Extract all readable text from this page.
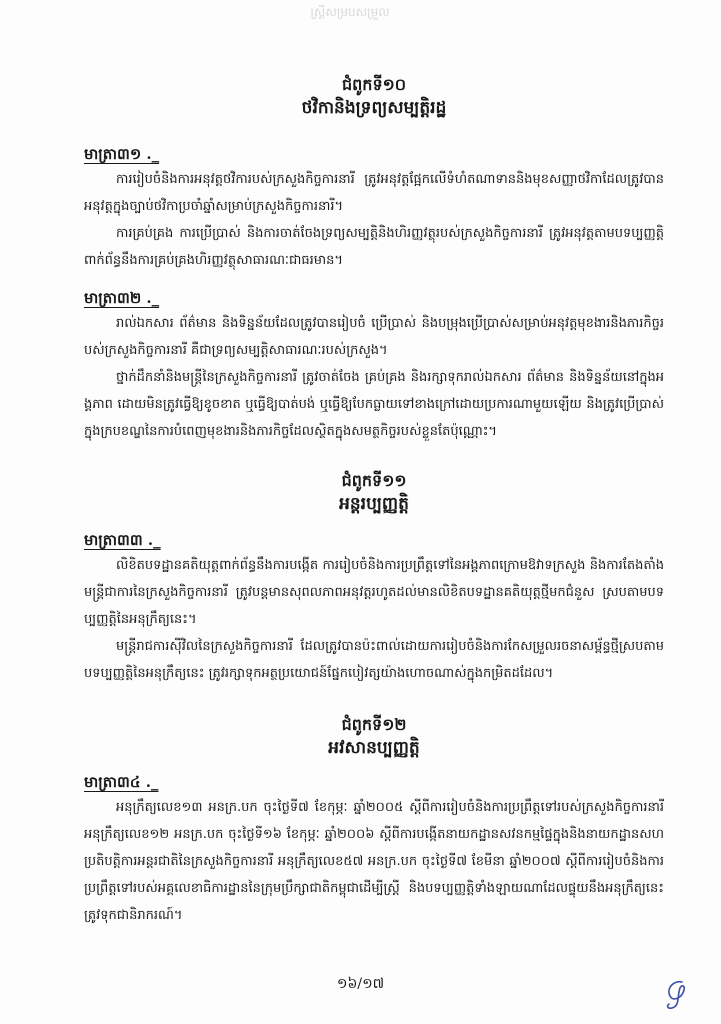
ស្រ្តីសម្របសម្រួល

ជំពូកទី១០

ថវិកានិងទ្រព្យសម្បត្តិរដ្ឋ

មាត្រា៣១ ._

ការរៀបចំនិងការអនុវត្តថវិការបស់ក្រសួងកិច្ចការនារី ត្រូវអនុវត្តផ្អែកលើទំហំតណាទាននិងមុខសញ្ញាថវិកាដែលត្រូវបានអនុវត្តក្នុងច្បាប់ថវិកាប្រចាំឆ្នាំសម្រាប់ក្រសួងកិច្ចការនារី។

ការគ្រប់គ្រង ការប្រើប្រាស់ និងការចាត់ចែងទ្រព្យសម្បត្តិនិងហិរញ្ញវត្ថុរបស់ក្រសួងកិច្ចការនារី ត្រូវអនុវត្តតាមបទប្បញ្ញត្តិពាក់ព័ន្ធនឹងការគ្រប់គ្រងហិរញ្ញវត្ថុសាធារណៈជាធរមាន។

មាត្រា៣២ ._

រាល់ឯកសារ ព័ត៌មាន និងទិន្នន័យដែលត្រូវបានរៀបចំ ប្រើប្រាស់ និងបម្រុងប្រើប្រាស់សម្រាប់អនុវត្តមុខងារនិងភារកិច្ចរបស់ក្រសួងកិច្ចការនារី គឺជាទ្រព្យសម្បត្តិសាធារណៈរបស់ក្រសួង។

ថ្នាក់ដឹកនាំនិងមន្ត្រីនៃក្រសួងកិច្ចការនារី ត្រូវចាត់ចែង គ្រប់គ្រង និងរក្សាទុករាល់ឯកសារ ព័ត៌មាន និងទិន្នន័យនៅក្នុងអង្គភាព ដោយមិនត្រូវធ្វើឱ្យខូចខាត ឬធ្វើឱ្យបាត់បង់ ឬធ្វើឱ្យបែកធ្លាយទៅខាងក្រៅដោយប្រការណាមួយឡើយ និងត្រូវប្រើប្រាស់ក្នុងក្របខណ្ឌនៃការបំពេញមុខងារនិងភារកិច្ចដែលស្ថិតក្នុងសមត្ថកិច្ចរបស់ខ្លួនតែប៉ុណ្ណោះ។

ជំពូកទី១១

អន្តរប្បញ្ញត្តិ

មាត្រា៣៣ ._

លិខិតបទដ្ឋានគតិយុត្តពាក់ព័ន្ធនឹងការបង្កើត ការរៀបចំនិងការប្រព្រឹត្តទៅនៃអង្គភាពក្រោមឱវាទក្រសួង និងការតែងតាំងមន្ត្រីជាការនៃក្រសួងកិច្ចការនារី ត្រូវបន្តមានសុពលភាពអនុវត្តរហូតដល់មានលិខិតបទដ្ឋានគតិយុត្តថ្មីមកជំនួស ស្របតាមបទប្បញ្ញត្តិនៃអនុក្រឹត្យនេះ។

មន្ត្រីរាជការស៊ីវិលនៃក្រសួងកិច្ចការនារី ដែលត្រូវបានប៉ះពាល់ដោយការរៀបចំនិងការកែសម្រួលរចនាសម្ព័ន្ធថ្មីស្របតាមបទប្បញ្ញត្តិនៃអនុក្រឹត្យនេះ ត្រូវរក្សាទុកអត្ថប្រយោជន៍ផ្នែកបៀវត្សយ៉ាងហោចណាស់ក្នុងកម្រិតដដែល។

ជំពូកទី១២

អវសានប្បញ្ញត្តិ

មាត្រា៣៤ ._

អនុក្រឹត្យលេខ១៣ អនក្រ.បក ចុះថ្ងៃទី៧ ខែកុម្ភៈ ឆ្នាំ២០០៥ ស្តីពីការរៀបចំនិងការប្រព្រឹត្តទៅរបស់ក្រសួងកិច្ចការនារី អនុក្រឹត្យលេខ១២ អនក្រ.បក ចុះថ្ងៃទី១៦ ខែកុម្ភៈ ឆ្នាំ២០០៦ ស្តីពីការបង្កើតនាយកដ្ឋានសវនកម្មផ្ទៃក្នុងនិងនាយកដ្ឋានសហប្រតិបត្តិការអន្តរជាតិនៃក្រសួងកិច្ចការនារី អនុក្រឹត្យលេខ៥៧ អនក្រ.បក ចុះថ្ងៃទី៧ ខែមីនា ឆ្នាំ២០០៧ ស្តីពីការរៀបចំនិងការប្រព្រឹត្តទៅរបស់អគ្គលេខាធិការដ្ឋាននៃក្រុមប្រឹក្សាជាតិកម្ពុជាដើម្បីស្ត្រី និងបទប្បញ្ញត្តិទាំងឡាយណាដែលផ្ទុយនឹងអនុក្រឹត្យនេះ ត្រូវទុកជានិរាករណ៍។

១៦/១៧
